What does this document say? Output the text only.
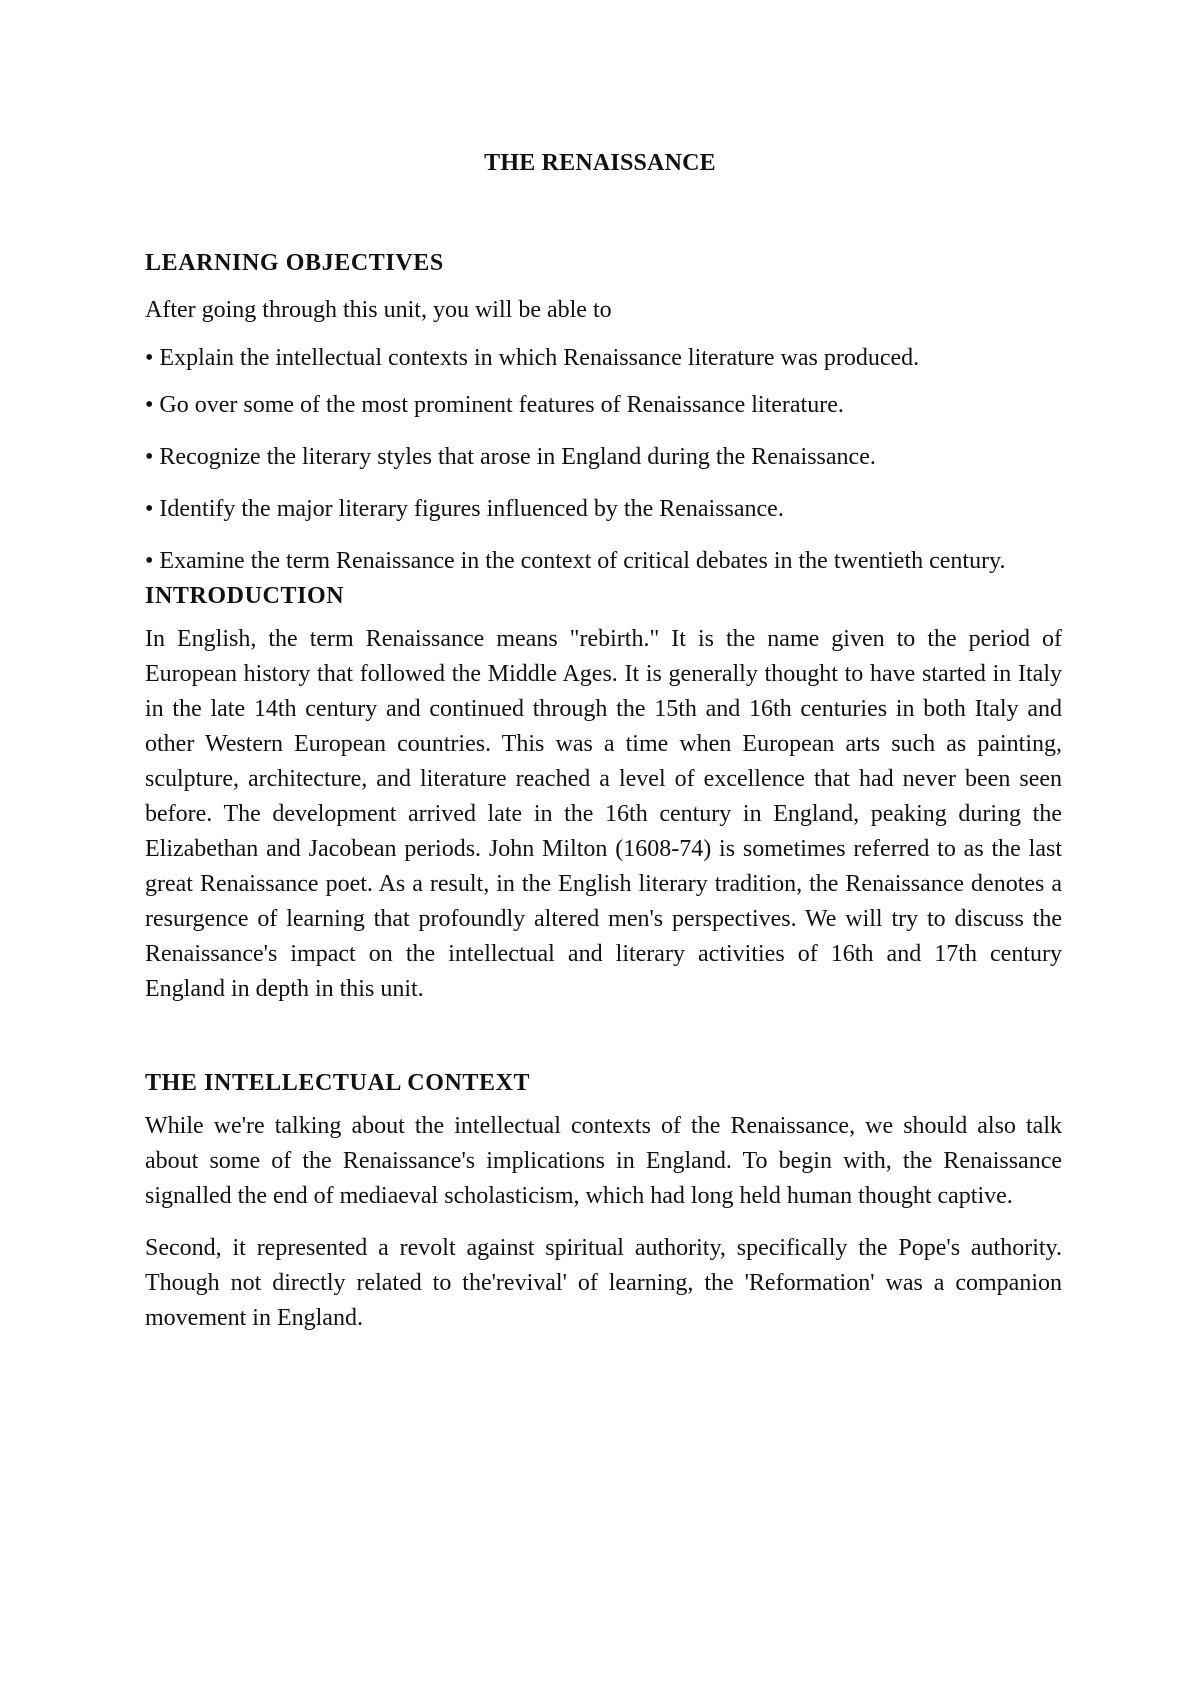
THE RENAISSANCE
LEARNING OBJECTIVES

After going through this unit, you will be able to

• Explain the intellectual contexts in which Renaissance literature was produced.
• Go over some of the most prominent features of Renaissance literature.
• Recognize the literary styles that arose in England during the Renaissance.
• Identify the major literary figures influenced by the Renaissance.
• Examine the term Renaissance in the context of critical debates in the twentieth century.
INTRODUCTION

In English, the term Renaissance means "rebirth." It is the name given to the period of European history that followed the Middle Ages. It is generally thought to have started in Italy in the late 14th century and continued through the 15th and 16th centuries in both Italy and other Western European countries. This was a time when European arts such as painting, sculpture, architecture, and literature reached a level of excellence that had never been seen before. The development arrived late in the 16th century in England, peaking during the Elizabethan and Jacobean periods. John Milton (1608-74) is sometimes referred to as the last great Renaissance poet. As a result, in the English literary tradition, the Renaissance denotes a resurgence of learning that profoundly altered men's perspectives. We will try to discuss the Renaissance's impact on the intellectual and literary activities of 16th and 17th century England in depth in this unit.

THE INTELLECTUAL CONTEXT

While we're talking about the intellectual contexts of the Renaissance, we should also talk about some of the Renaissance's implications in England. To begin with, the Renaissance signalled the end of mediaeval scholasticism, which had long held human thought captive.

Second, it represented a revolt against spiritual authority, specifically the Pope's authority. Though not directly related to the'revival' of learning, the 'Reformation' was a companion movement in England.
